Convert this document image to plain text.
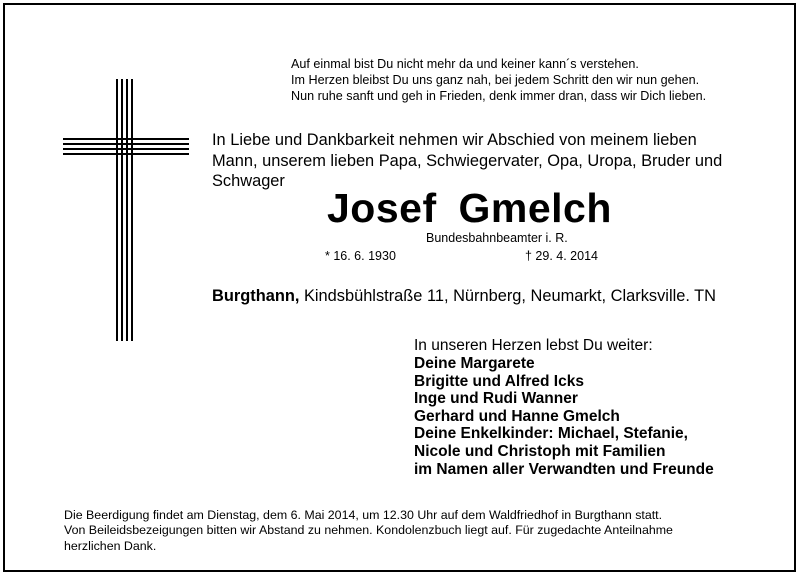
Auf einmal bist Du nicht mehr da und keiner kann´s verstehen.
Im Herzen bleibst Du uns ganz nah, bei jedem Schritt den wir nun gehen.
Nun ruhe sanft und geh in Frieden, denk immer dran, dass wir Dich lieben.
In Liebe und Dankbarkeit nehmen wir Abschied von meinem lieben
Mann, unserem lieben Papa, Schwiegervater, Opa, Uropa, Bruder und
Schwager
Josef Gmelch
Bundesbahnbeamter i. R.
* 16. 6. 1930	† 29. 4. 2014
Burgthann, Kindsbühlstraße 11, Nürnberg, Neumarkt, Clarksville. TN
In unseren Herzen lebst Du weiter:
Deine Margarete
Brigitte und Alfred Icks
Inge und Rudi Wanner
Gerhard und Hanne Gmelch
Deine Enkelkinder: Michael, Stefanie,
Nicole und Christoph mit Familien
im Namen aller Verwandten und Freunde
Die Beerdigung findet am Dienstag, dem 6. Mai 2014, um 12.30 Uhr auf dem Waldfriedhof in Burgthann statt.
Von Beileidsbezeigungen bitten wir Abstand zu nehmen. Kondolenzbuch liegt auf. Für zugedachte Anteilnahme
herzlichen Dank.
